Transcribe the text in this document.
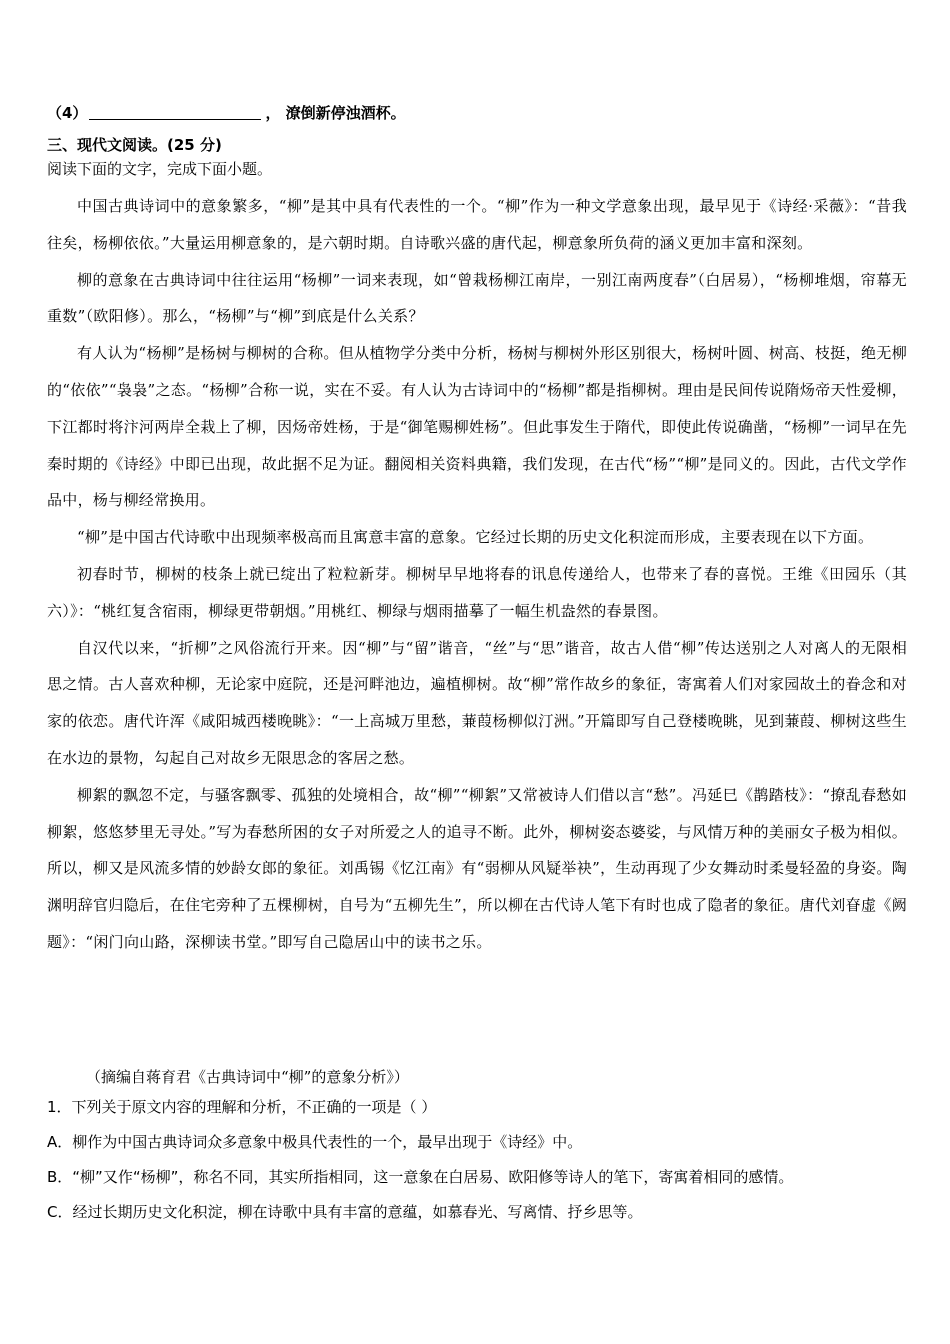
（4）	， 潦倒新停浊酒杯。
三、现代文阅读。(25 分)
阅读下面的文字，完成下面小题。

中国古典诗词中的意象繁多，“柳”是其中具有代表性的一个。“柳”作为一种文学意象出现，最早见于《诗经·采薇》：“昔我往矣，杨柳依依。”大量运用柳意象的，是六朝时期。自诗歌兴盛的唐代起，柳意象所负荷的涵义更加丰富和深刻。

柳的意象在古典诗词中往往运用“杨柳”一词来表现，如“曾栽杨柳江南岸，一别江南两度春”（白居易），“杨柳堆烟，帘幕无重数”（欧阳修）。那么，“杨柳”与“柳”到底是什么关系？

有人认为“杨柳”是杨树与柳树的合称。但从植物学分类中分析，杨树与柳树外形区别很大，杨树叶圆、树高、枝挺，绝无柳的“依依”“袅袅”之态。“杨柳”合称一说，实在不妥。有人认为古诗词中的“杨柳”都是指柳树。理由是民间传说隋炀帝天性爱柳，下江都时将汴河两岸全栽上了柳，因炀帝姓杨，于是“御笔赐柳姓杨”。但此事发生于隋代，即使此传说确凿，“杨柳”一词早在先秦时期的《诗经》中即已出现，故此据不足为证。翻阅相关资料典籍，我们发现，在古代“杨”“柳”是同义的。因此，古代文学作品中，杨与柳经常换用。

“柳”是中国古代诗歌中出现频率极高而且寓意丰富的意象。它经过长期的历史文化积淀而形成，主要表现在以下方面。

初春时节，柳树的枝条上就已绽出了粒粒新芽。柳树早早地将春的讯息传递给人，也带来了春的喜悦。王维《田园乐（其六）》：“桃红复含宿雨，柳绿更带朝烟。”用桃红、柳绿与烟雨描摹了一幅生机盎然的春景图。

自汉代以来，“折柳”之风俗流行开来。因“柳”与“留”谐音，“丝”与“思”谐音，故古人借“柳”传达送别之人对离人的无限相思之情。古人喜欢种柳，无论家中庭院，还是河畔池边，遍植柳树。故“柳”常作故乡的象征，寄寓着人们对家园故土的眷念和对家的依恋。唐代许浑《咸阳城西楼晚眺》：“一上高城万里愁，蒹葭杨柳似汀洲。”开篇即写自己登楼晚眺，见到蒹葭、柳树这些生在水边的景物，勾起自己对故乡无限思念的客居之愁。

柳絮的飘忽不定，与骚客飘零、孤独的处境相合，故“柳”“柳絮”又常被诗人们借以言“愁”。冯延巳《鹊踏枝》：“撩乱春愁如柳絮，悠悠梦里无寻处。”写为春愁所困的女子对所爱之人的追寻不断。此外，柳树姿态婆娑，与风情万种的美丽女子极为相似。所以，柳又是风流多情的妙龄女郎的象征。刘禹锡《忆江南》有“弱柳从风疑举袂”，生动再现了少女舞动时柔曼轻盈的身姿。陶渊明辞官归隐后，在住宅旁种了五棵柳树，自号为“五柳先生”，所以柳在古代诗人笔下有时也成了隐者的象征。唐代刘眘虚《阙题》：“闲门向山路，深柳读书堂。”即写自己隐居山中的读书之乐。

（摘编自蒋育君《古典诗词中“柳”的意象分析》）
1．下列关于原文内容的理解和分析，不正确的一项是（ ）
A．柳作为中国古典诗词众多意象中极具代表性的一个，最早出现于《诗经》中。
B．“柳”又作“杨柳”，称名不同，其实所指相同，这一意象在白居易、欧阳修等诗人的笔下，寄寓着相同的感情。
C．经过长期历史文化积淀，柳在诗歌中具有丰富的意蕴，如慕春光、写离情、抒乡思等。
